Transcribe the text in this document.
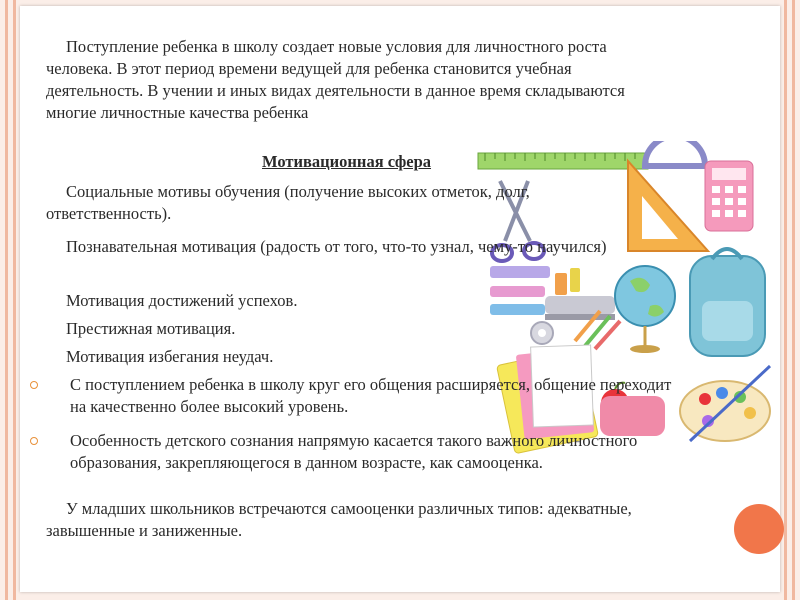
Поступление ребенка в школу создает новые условия для личностного роста человека. В этот период времени ведущей для ребенка становится учебная деятельность. В учении и иных видах деятельности в данное время складываются многие личностные качества ребенка
Мотивационная сфера
Социальные мотивы обучения (получение высоких отметок, долг, ответственность).
Познавательная мотивация (радость от того, что-то узнал, чему-то научился)
Мотивация достижений успехов.
Престижная мотивация.
Мотивация избегания неудач.
С поступлением ребенка в школу круг его общения расширяется, общение переходит на качественно более высокий уровень.
Особенность детского сознания напрямую касается такого важного личностного образования, закрепляющегося в данном возрасте, как самооценка.
У младших школьников встречаются самооценки различных типов: адекватные, завышенные и заниженные.
